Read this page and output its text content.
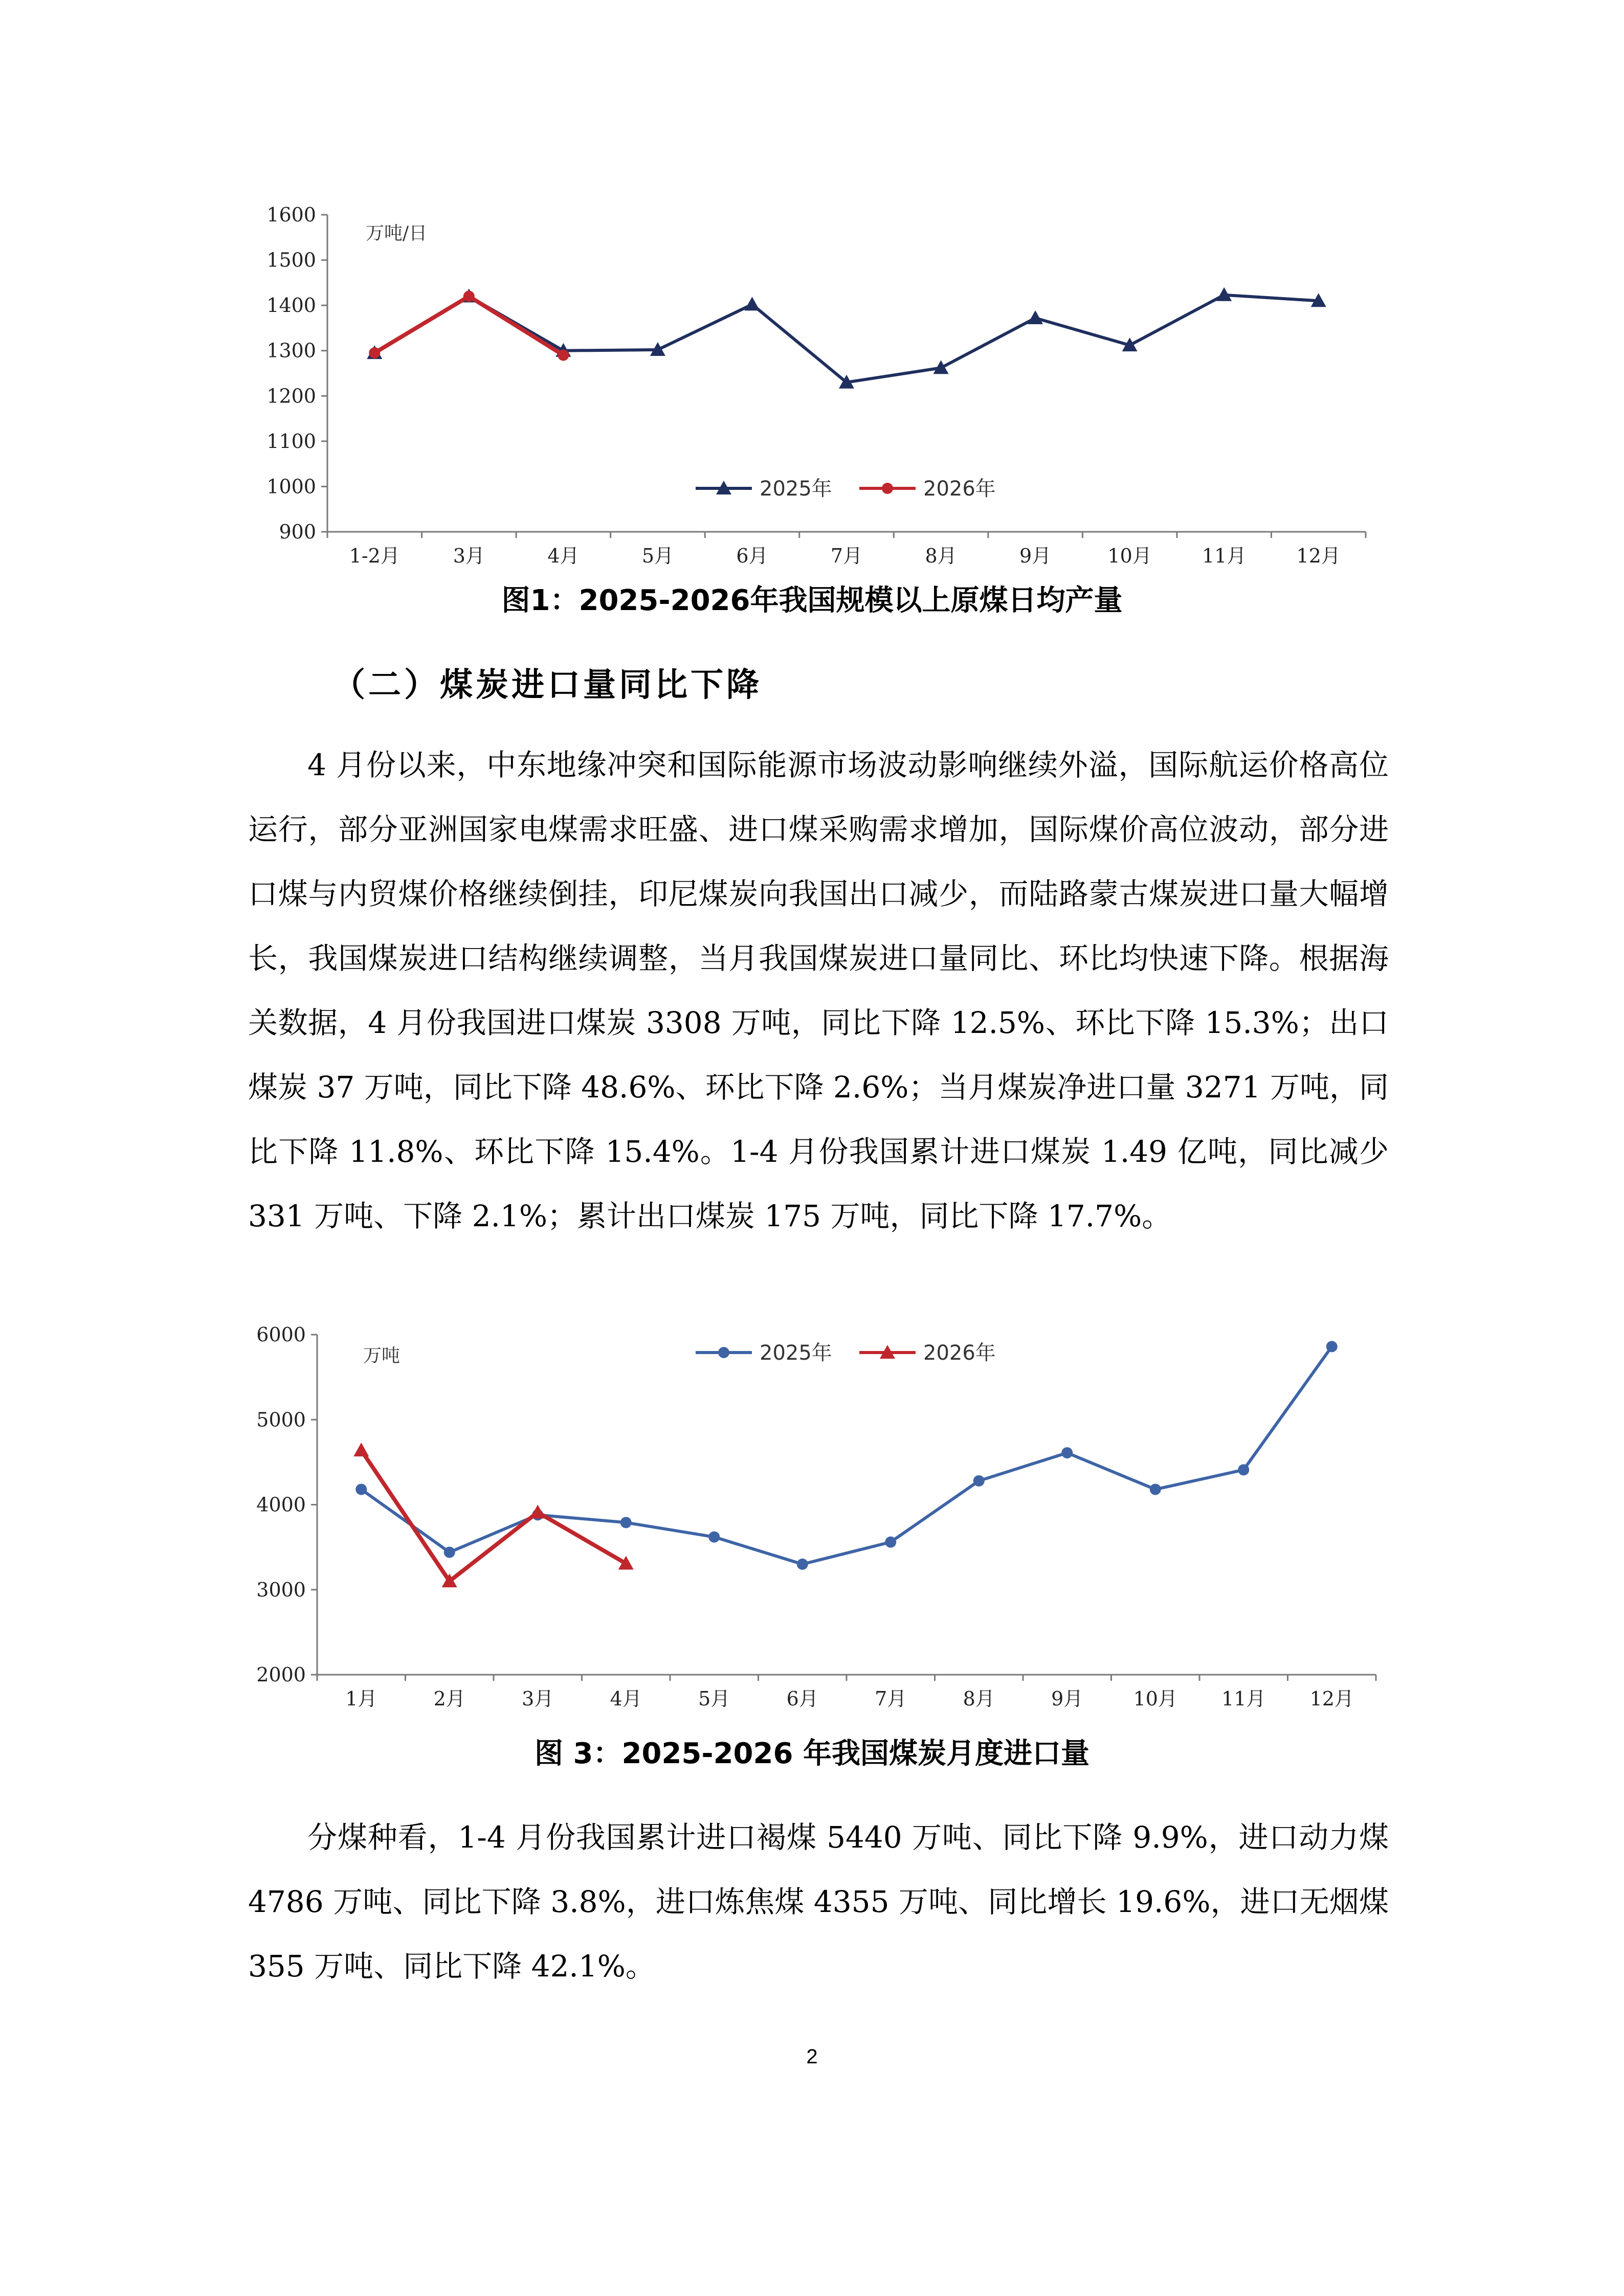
900
1000
1100
1200
1300
1400
1500
1600
1-2月	3月	4月	5月	6月	7月	8月	9月	10月	11月	12月
万吨/日
2025年	2026年
图1：2025-2026年我国规模以上原煤日均产量
（二）煤炭进口量同比下降

4 月份以来，中东地缘冲突和国际能源市场波动影响继续外溢，国际航运价格高位运行，部分亚洲国家电煤需求旺盛、进口煤采购需求增加，国际煤价高位波动，部分进口煤与内贸煤价格继续倒挂，印尼煤炭向我国出口减少，而陆路蒙古煤炭进口量大幅增长，我国煤炭进口结构继续调整，当月我国煤炭进口量同比、环比均快速下降。根据海关数据，4 月份我国进口煤炭 3308 万吨，同比下降 12.5%、环比下降 15.3%；出口煤炭 37 万吨，同比下降 48.6%、环比下降 2.6%；当月煤炭净进口量 3271 万吨，同比下降 11.8%、环比下降 15.4%。1-4 月份我国累计进口煤炭 1.49 亿吨，同比减少 331 万吨、下降 2.1%；累计出口煤炭 175 万吨，同比下降 17.7%。

2000
3000
4000
5000
6000
1月	2月	3月	4月	5月	6月	7月	8月	9月	10月 11月 12月
万吨	2025年	2026年
图 3：2025-2026 年我国煤炭月度进口量

分煤种看，1-4 月份我国累计进口褐煤 5440 万吨、同比下降 9.9%，进口动力煤 4786 万吨、同比下降 3.8%，进口炼焦煤 4355 万吨、同比增长 19.6%，进口无烟煤 355 万吨、同比下降 42.1%。

2
